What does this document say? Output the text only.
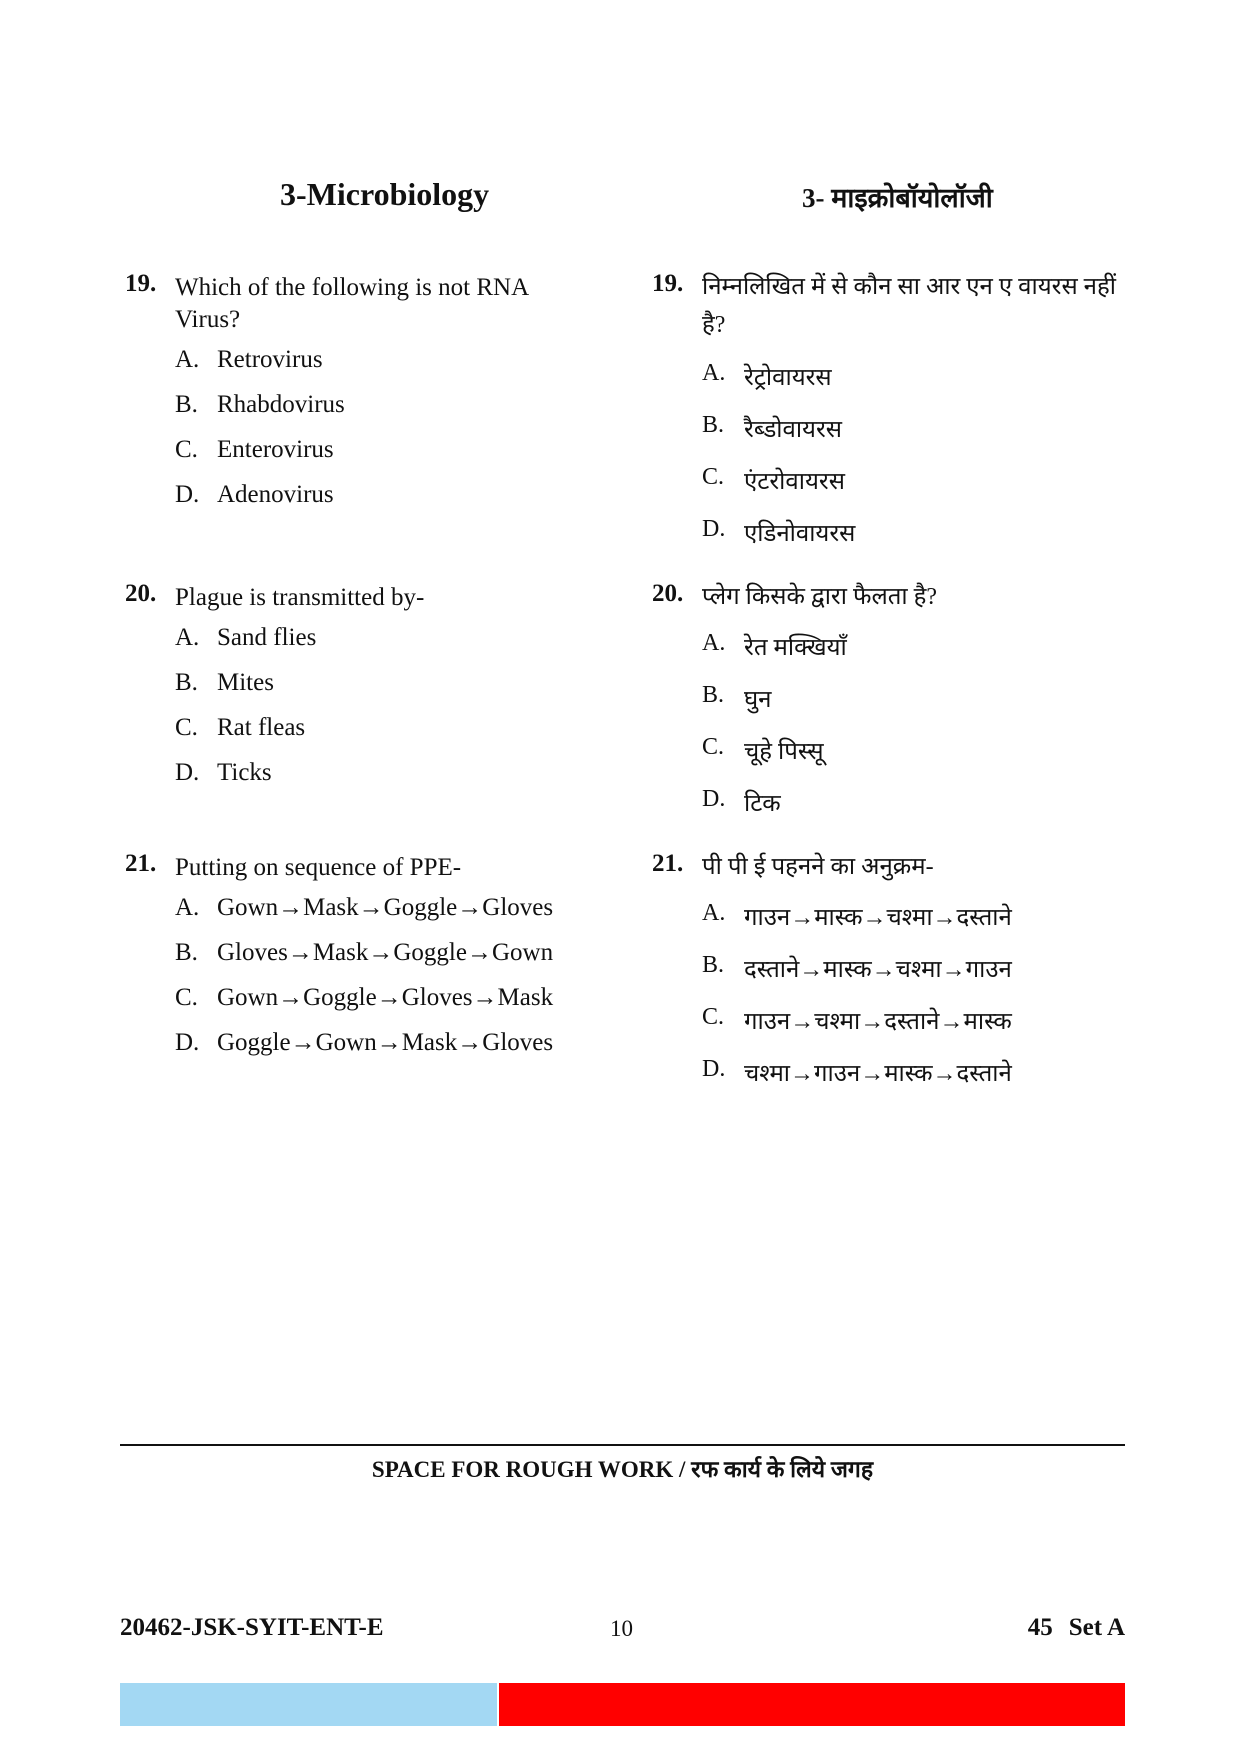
3-Microbiology
19. Which of the following is not RNA
Virus?
A. Retrovirus
B. Rhabdovirus
C. Enterovirus
D. Adenovirus
20. Plague is transmitted by-
A. Sand flies
B. Mites
C. Rat fleas
D. Ticks
21. Putting on sequence of PPE-
A. Gown→Mask→Goggle→Gloves
B. Gloves→Mask→Goggle→Gown
C. Gown→Goggle→Gloves→Mask
D. Goggle→Gown→Mask→Gloves
3- माइक्रोबॉयोलॉजी
19. निम्नलिखित में से कौन सा आर एन ए वायरस नहीं
है?
A. रेट्रोवायरस
B. रैब्डोवायरस
C. एंटरोवायरस
D. एडिनोवायरस
20. प्लेग किसके द्वारा फैलता है?
A. रेत मक्खियाँ
B. घुन
C. चूहे पिस्सू
D. टिक
21. पी पी ई पहनने का अनुक्रम-
A. गाउन→मास्क→चश्मा→दस्ताने
B. दस्ताने→मास्क→चश्मा→गाउन
C. गाउन→चश्मा→दस्ताने→मास्क
D. चश्मा→गाउन→मास्क→दस्ताने
SPACE FOR ROUGH WORK / रफ कार्य के लिये जगह
20462-JSK-SYIT-ENT-E	10	45 Set A
